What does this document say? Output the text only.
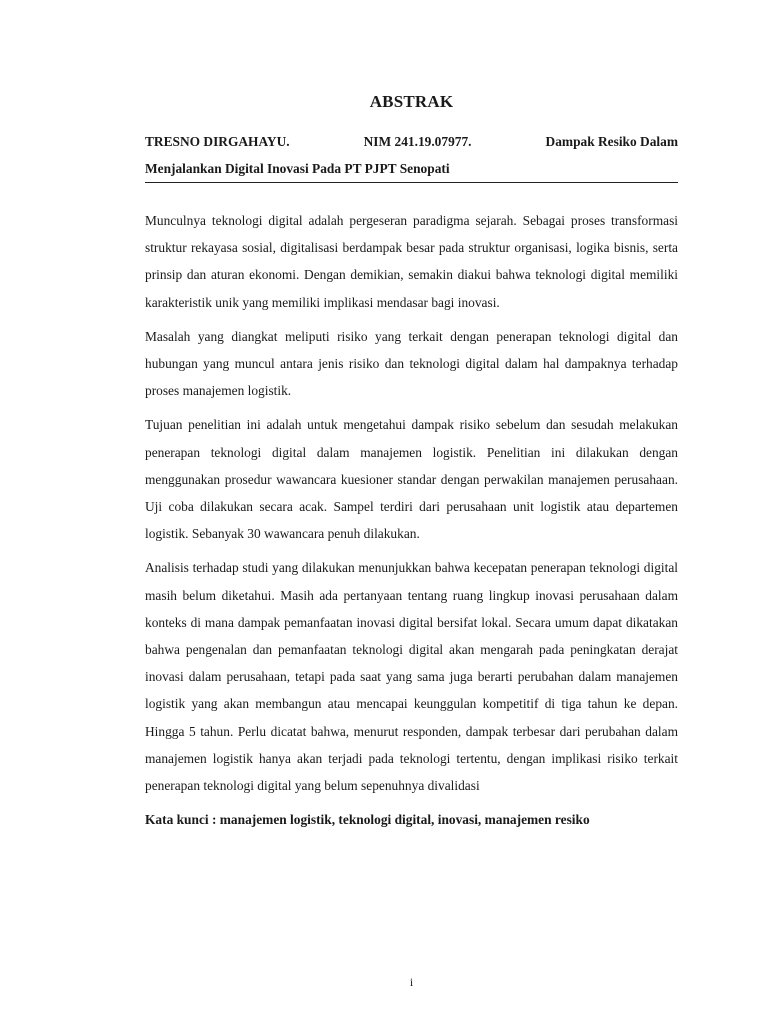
ABSTRAK
TRESNO DIRGAHAYU.	NIM 241.19.07977.	Dampak Resiko Dalam
Menjalankan Digital Inovasi Pada PT PJPT Senopati

Munculnya teknologi digital adalah pergeseran paradigma sejarah. Sebagai proses transformasi struktur rekayasa sosial, digitalisasi berdampak besar pada struktur organisasi, logika bisnis, serta prinsip dan aturan ekonomi. Dengan demikian, semakin diakui bahwa teknologi digital memiliki karakteristik unik yang memiliki implikasi mendasar bagi inovasi.

Masalah yang diangkat meliputi risiko yang terkait dengan penerapan teknologi digital dan hubungan yang muncul antara jenis risiko dan teknologi digital dalam hal dampaknya terhadap proses manajemen logistik.

Tujuan penelitian ini adalah untuk mengetahui dampak risiko sebelum dan sesudah melakukan penerapan teknologi digital dalam manajemen logistik. Penelitian ini dilakukan dengan menggunakan prosedur wawancara kuesioner standar dengan perwakilan manajemen perusahaan. Uji coba dilakukan secara acak. Sampel terdiri dari perusahaan unit logistik atau departemen logistik. Sebanyak 30 wawancara penuh dilakukan.

Analisis terhadap studi yang dilakukan menunjukkan bahwa kecepatan penerapan teknologi digital masih belum diketahui. Masih ada pertanyaan tentang ruang lingkup inovasi perusahaan dalam konteks di mana dampak pemanfaatan inovasi digital bersifat lokal. Secara umum dapat dikatakan bahwa pengenalan dan pemanfaatan teknologi digital akan mengarah pada peningkatan derajat inovasi dalam perusahaan, tetapi pada saat yang sama juga berarti perubahan dalam manajemen logistik yang akan membangun atau mencapai keunggulan kompetitif di tiga tahun ke depan. Hingga 5 tahun. Perlu dicatat bahwa, menurut responden, dampak terbesar dari perubahan dalam manajemen logistik hanya akan terjadi pada teknologi tertentu, dengan implikasi risiko terkait penerapan teknologi digital yang belum sepenuhnya divalidasi

Kata kunci : manajemen logistik, teknologi digital, inovasi, manajemen resiko
i
